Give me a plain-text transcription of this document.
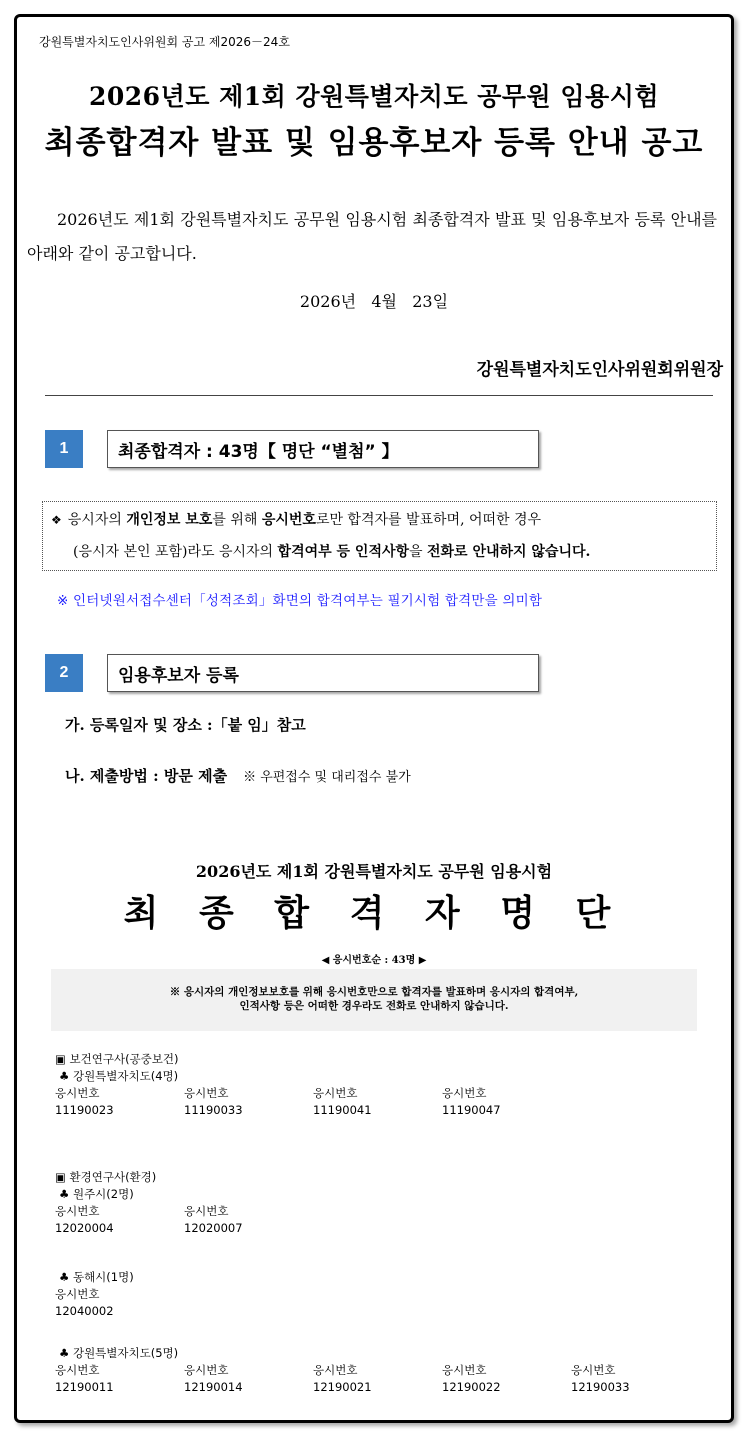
강원특별자치도인사위원회 공고 제2026－24호
2026년도 제1회 강원특별자치도 공무원 임용시험
최종합격자 발표 및 임용후보자 등록 안내 공고
2026년도 제1회 강원특별자치도 공무원 임용시험 최종합격자 발표 및 임용후보자 등록 안내를 아래와 같이 공고합니다.
2026년   4월   23일
강원특별자치도인사위원회위원장
1	최종합격자 : 43명【 명단 “별첨” 】
❖ 응시자의 개인정보 보호를 위해 응시번호로만 합격자를 발표하며, 어떠한 경우
(응시자 본인 포함)라도 응시자의 합격여부 등 인적사항을 전화로 안내하지 않습니다.
※ 인터넷원서접수센터「성적조회」화면의 합격여부는 필기시험 합격만을 의미함
2	임용후보자 등록
가. 등록일자 및 장소 :「붙 임」참고
나. 제출방법 : 방문 제출 ※ 우편접수 및 대리접수 불가
2026년도 제1회 강원특별자치도 공무원 임용시험
최 종 합 격 자 명 단
◀ 응시번호순 : 43명 ▶
※ 응시자의 개인정보보호를 위해 응시번호만으로 합격자를 발표하며 응시자의 합격여부,
인적사항 등은 어떠한 경우라도 전화로 안내하지 않습니다.
▣ 보건연구사(공중보건)
♣ 강원특별자치도(4명)
응시번호	응시번호	응시번호	응시번호
11190023	11190033	11190041	11190047
▣ 환경연구사(환경)
♣ 원주시(2명)
응시번호	응시번호
12020004	12020007
♣ 동해시(1명)
응시번호
12040002
♣ 강원특별자치도(5명)
응시번호	응시번호	응시번호	응시번호	응시번호
12190011	12190014	12190021	12190022	12190033
